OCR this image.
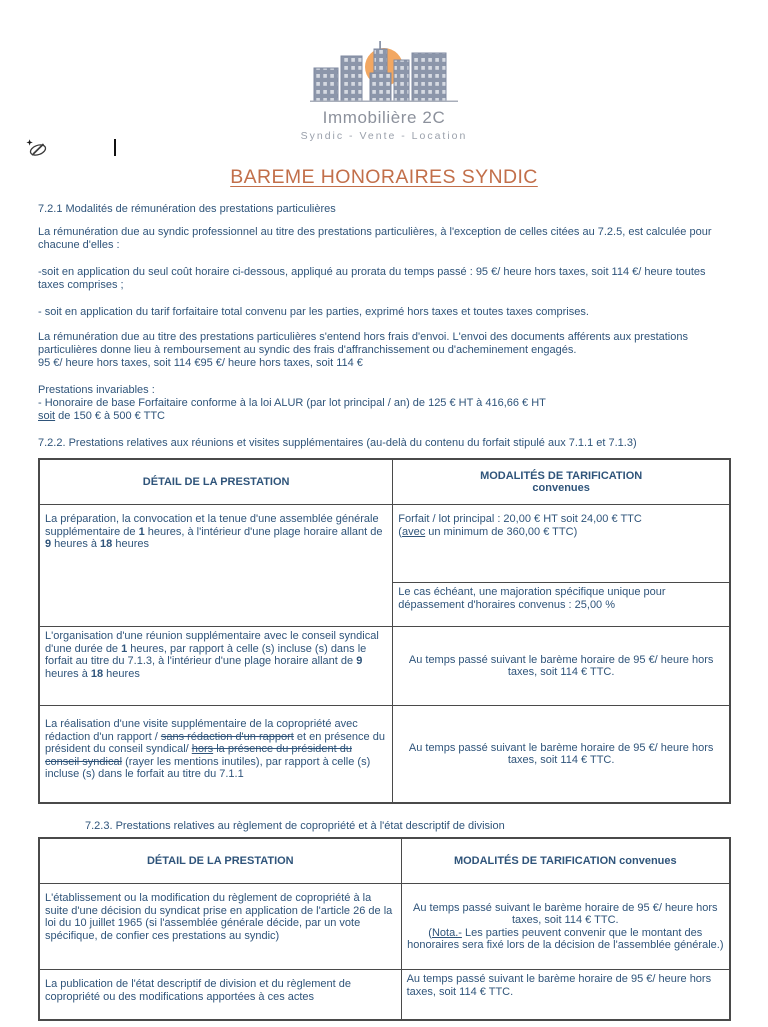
Immobilière 2C
Syndic - Vente - Location
BAREME HONORAIRES SYNDIC

7.2.1 Modalités de rémunération des prestations particulières

La rémunération due au syndic professionnel au titre des prestations particulières, à l'exception de celles citées au 7.2.5, est calculée pour chacune d'elles :

-soit en application du seul coût horaire ci-dessous, appliqué au prorata du temps passé : 95 €/ heure hors taxes, soit 114 €/ heure toutes taxes comprises ;

- soit en application du tarif forfaitaire total convenu par les parties, exprimé hors taxes et toutes taxes comprises.

La rémunération due au titre des prestations particulières s'entend hors frais d'envoi. L'envoi des documents afférents aux prestations particulières donne lieu à remboursement au syndic des frais d'affranchissement ou d'acheminement engagés.
95 €/ heure hors taxes, soit 114 €95 €/ heure hors taxes, soit 114 €

Prestations invariables :
- Honoraire de base Forfaitaire conforme à la loi ALUR (par lot principal / an) de 125 € HT à 416,66 € HT
soit de 150 € à 500 € TTC

7.2.2. Prestations relatives aux réunions et visites supplémentaires (au-delà du contenu du forfait stipulé aux 7.1.1 et 7.1.3)

DÉTAIL DE LA PRESTATION	MODALITÉS DE TARIFICATION
convenues

La préparation, la convocation et la tenue d'une assemblée générale supplémentaire de 1 heures, à l'intérieur d'une plage horaire allant de 9 heures à 18 heures	Forfait / lot principal : 20,00 € HT soit 24,00 € TTC
(avec un minimum de 360,00 € TTC)
	Le cas échéant, une majoration spécifique unique pour dépassement d'horaires convenus : 25,00 %
L'organisation d'une réunion supplémentaire avec le conseil syndical d'une durée de 1 heures, par rapport à celle (s) incluse (s) dans le forfait au titre du 7.1.3, à l'intérieur d'une plage horaire allant de 9 heures à 18 heures	Au temps passé suivant le barème horaire de 95 €/ heure hors taxes, soit 114 € TTC.
La réalisation d'une visite supplémentaire de la copropriété avec rédaction d'un rapport / sans rédaction d'un rapport et en présence du président du conseil syndical/ hors la présence du président du conseil syndical (rayer les mentions inutiles), par rapport à celle (s) incluse (s) dans le forfait au titre du 7.1.1	Au temps passé suivant le barème horaire de 95 €/ heure hors taxes, soit 114 € TTC.

7.2.3. Prestations relatives au règlement de copropriété et à l'état descriptif de division

DÉTAIL DE LA PRESTATION	MODALITÉS DE TARIFICATION convenues
L'établissement ou la modification du règlement de copropriété à la suite d'une décision du syndicat prise en application de l'article 26 de la loi du 10 juillet 1965 (si l'assemblée générale décide, par un vote spécifique, de confier ces prestations au syndic)	Au temps passé suivant le barème horaire de 95 €/ heure hors taxes, soit 114 € TTC.
(Nota.- Les parties peuvent convenir que le montant des honoraires sera fixé lors de la décision de l'assemblée générale.)
La publication de l'état descriptif de division et du règlement de copropriété ou des modifications apportées à ces actes	Au temps passé suivant le barème horaire de 95 €/ heure hors taxes, soit 114 € TTC.
